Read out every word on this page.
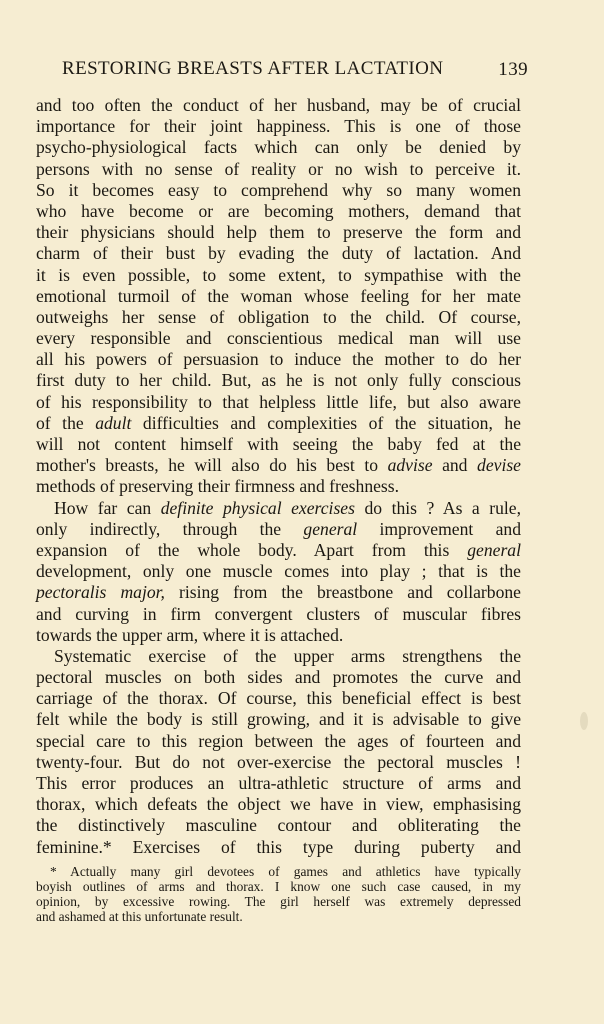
RESTORING BREASTS AFTER LACTATION	139
and too often the conduct of her husband, may be of crucial
importance for their joint happiness. This is one of those
psycho-physiological facts which can only be denied by
persons with no sense of reality or no wish to perceive it.
So it becomes easy to comprehend why so many women
who have become or are becoming mothers, demand that
their physicians should help them to preserve the form and
charm of their bust by evading the duty of lactation. And
it is even possible, to some extent, to sympathise with the
emotional turmoil of the woman whose feeling for her mate
outweighs her sense of obligation to the child. Of course,
every responsible and conscientious medical man will use
all his powers of persuasion to induce the mother to do her
first duty to her child. But, as he is not only fully conscious
of his responsibility to that helpless little life, but also aware
of the adult difficulties and complexities of the situation, he
will not content himself with seeing the baby fed at the
mother's breasts, he will also do his best to advise and devise
methods of preserving their firmness and freshness.
How far can definite physical exercises do this ? As a rule,
only indirectly, through the general improvement and
expansion of the whole body. Apart from this general
development, only one muscle comes into play ; that is the
pectoralis major, rising from the breastbone and collarbone
and curving in firm convergent clusters of muscular fibres
towards the upper arm, where it is attached.
Systematic exercise of the upper arms strengthens the
pectoral muscles on both sides and promotes the curve and
carriage of the thorax. Of course, this beneficial effect is best
felt while the body is still growing, and it is advisable to give
special care to this region between the ages of fourteen and
twenty-four. But do not over-exercise the pectoral muscles !
This error produces an ultra-athletic structure of arms and
thorax, which defeats the object we have in view, emphasising
the distinctively masculine contour and obliterating the
feminine.* Exercises of this type during puberty and
* Actually many girl devotees of games and athletics have typically
boyish outlines of arms and thorax. I know one such case caused, in my
opinion, by excessive rowing. The girl herself was extremely depressed
and ashamed at this unfortunate result.
